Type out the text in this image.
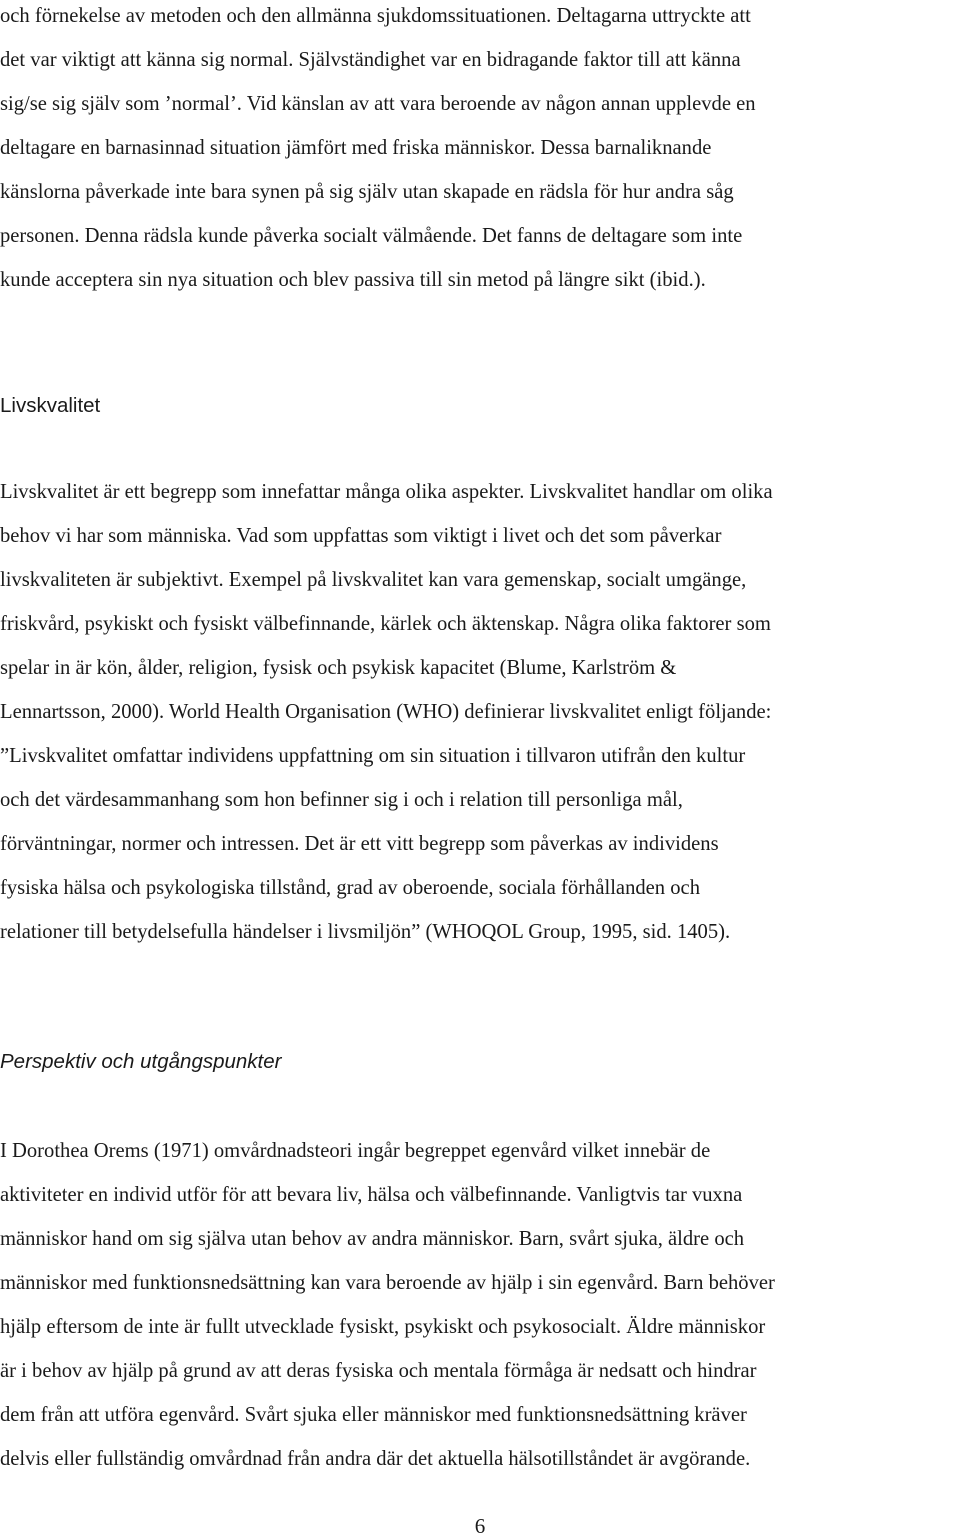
och förnekelse av metoden och den allmänna sjukdomssituationen. Deltagarna uttryckte att
det var viktigt att känna sig normal. Självständighet var en bidragande faktor till att känna
sig/se sig själv som ’normal’. Vid känslan av att vara beroende av någon annan upplevde en
deltagare en barnasinnad situation jämfört med friska människor. Dessa barnaliknande
känslorna påverkade inte bara synen på sig själv utan skapade en rädsla för hur andra såg
personen. Denna rädsla kunde påverka socialt välmående. Det fanns de deltagare som inte
kunde acceptera sin nya situation och blev passiva till sin metod på längre sikt (ibid.).
Livskvalitet
Livskvalitet är ett begrepp som innefattar många olika aspekter. Livskvalitet handlar om olika
behov vi har som människa. Vad som uppfattas som viktigt i livet och det som påverkar
livskvaliteten är subjektivt. Exempel på livskvalitet kan vara gemenskap, socialt umgänge,
friskvård, psykiskt och fysiskt välbefinnande, kärlek och äktenskap. Några olika faktorer som
spelar in är kön, ålder, religion, fysisk och psykisk kapacitet (Blume, Karlström &
Lennartsson, 2000). World Health Organisation (WHO) definierar livskvalitet enligt följande:
”Livskvalitet omfattar individens uppfattning om sin situation i tillvaron utifrån den kultur
och det värdesammanhang som hon befinner sig i och i relation till personliga mål,
förväntningar, normer och intressen. Det är ett vitt begrepp som påverkas av individens
fysiska hälsa och psykologiska tillstånd, grad av oberoende, sociala förhållanden och
relationer till betydelsefulla händelser i livsmiljön” (WHOQOL Group, 1995, sid. 1405).
Perspektiv och utgångspunkter
I Dorothea Orems (1971) omvårdnadsteori ingår begreppet egenvård vilket innebär de
aktiviteter en individ utför för att bevara liv, hälsa och välbefinnande. Vanligtvis tar vuxna
människor hand om sig själva utan behov av andra människor. Barn, svårt sjuka, äldre och
människor med funktionsnedsättning kan vara beroende av hjälp i sin egenvård. Barn behöver
hjälp eftersom de inte är fullt utvecklade fysiskt, psykiskt och psykosocialt. Äldre människor
är i behov av hjälp på grund av att deras fysiska och mentala förmåga är nedsatt och hindrar
dem från att utföra egenvård. Svårt sjuka eller människor med funktionsnedsättning kräver
delvis eller fullständig omvårdnad från andra där det aktuella hälsotillståndet är avgörande.
6
